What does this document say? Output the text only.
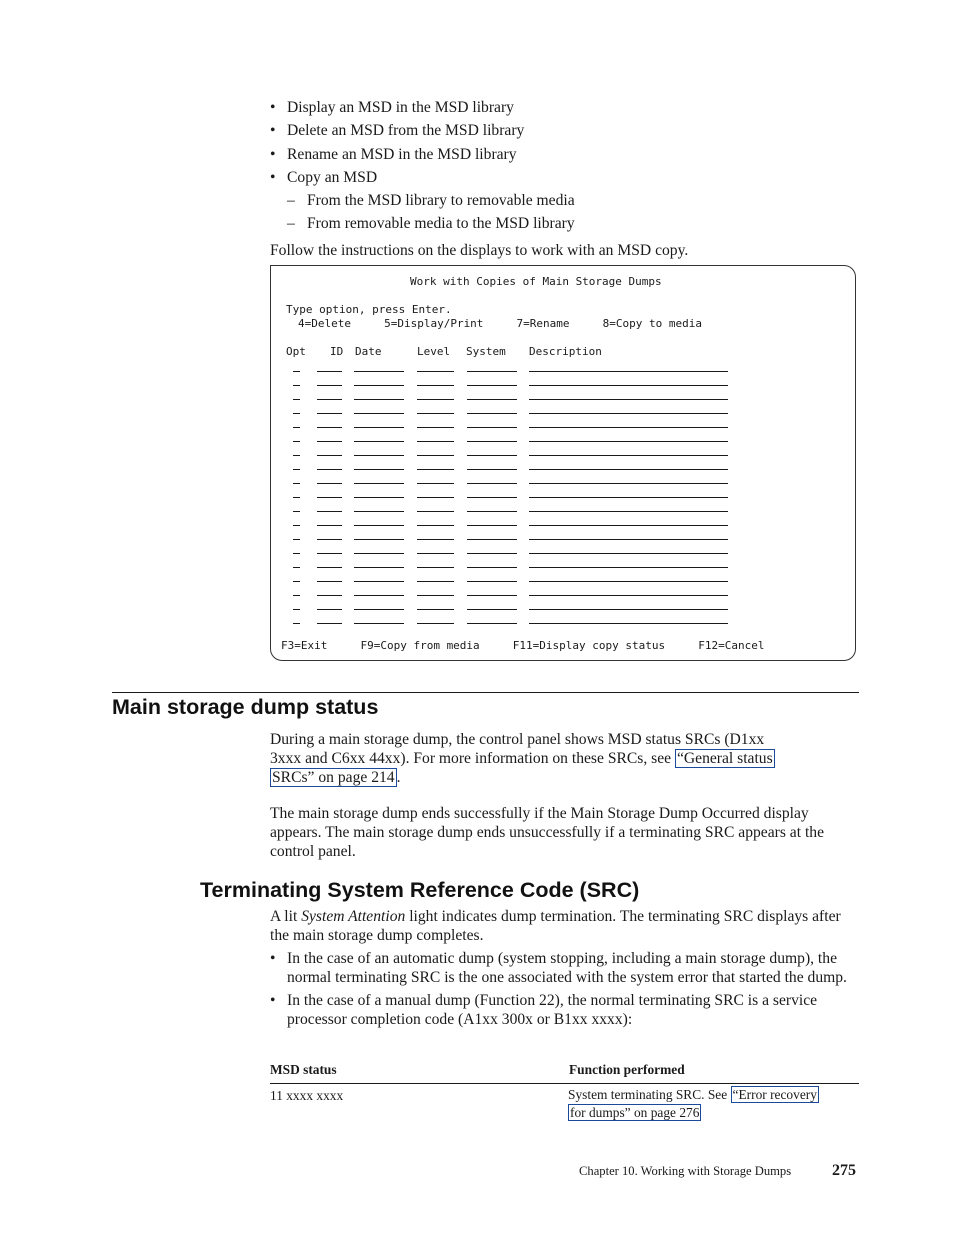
• Display an MSD in the MSD library
• Delete an MSD from the MSD library
• Rename an MSD in the MSD library
• Copy an MSD
– From the MSD library to removable media
– From removable media to the MSD library
Follow the instructions on the displays to work with an MSD copy.
Work with Copies of Main Storage Dumps
Type option, press Enter.
4=Delete     5=Display/Print     7=Rename     8=Copy to media
Opt ID Date	Level System Description
F3=Exit     F9=Copy from media     F11=Display copy status     F12=Cancel
Main storage dump status
During a main storage dump, the control panel shows MSD status SRCs (D1xx
3xxx and C6xx 44xx). For more information on these SRCs, see “General status
SRCs” on page 214 .
The main storage dump ends successfully if the Main Storage Dump Occurred display appears. The main storage dump ends unsuccessfully if a terminating SRC appears at the control panel.
Terminating System Reference Code (SRC)
A lit System Attention light indicates dump termination. The terminating SRC displays after the main storage dump completes.
• In the case of an automatic dump (system stopping, including a main storage dump), the normal terminating SRC is the one associated with the system error that started the dump.
• In the case of a manual dump (Function 22), the normal terminating SRC is a service processor completion code (A1xx 300x or B1xx xxxx):
MSD status	Function performed
11 xxxx xxxx	System terminating SRC. See “Error recovery
for dumps” on page 276
Chapter 10. Working with Storage Dumps	275
